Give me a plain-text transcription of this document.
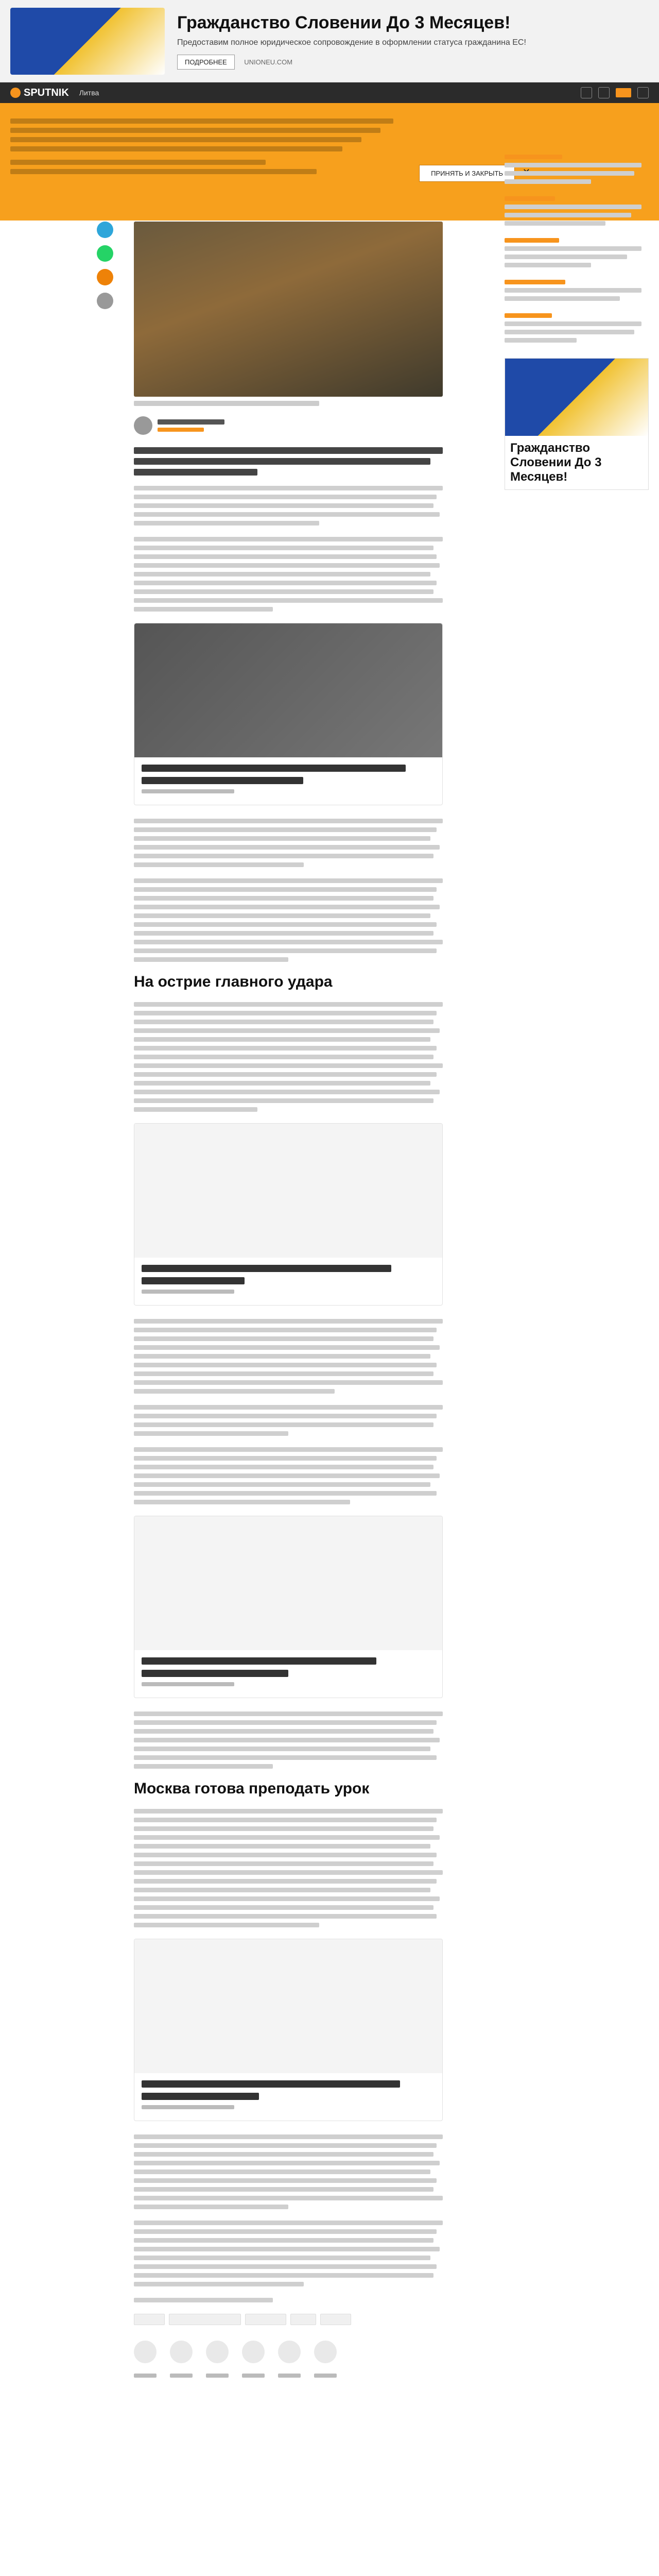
Гражданство Словении До 3 Месяцев!
Предоставим полное юридическое сопровождение в оформлении статуса гражданина ЕС!
ПОДРОБНЕЕ	UNIONEU.COM
SPUTNIK Литва
ПРИНЯТЬ И ЗАКРЫТЬ
На острие главного удара
Москва готова преподать урок
Гражданство Словении До 3 Месяцев!
